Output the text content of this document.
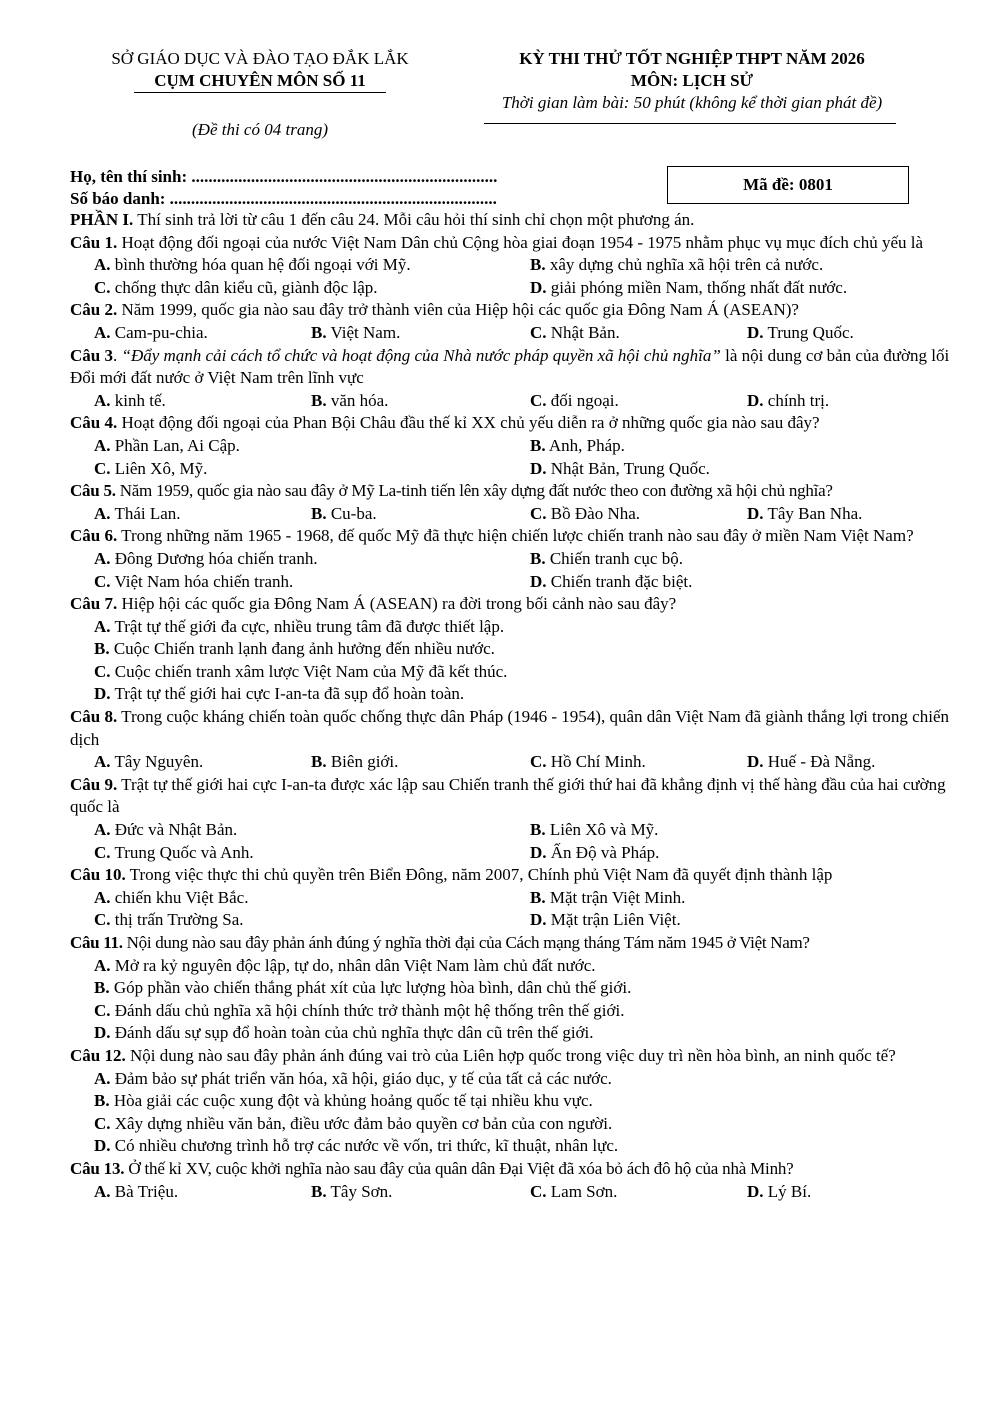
SỞ GIÁO DỤC VÀ ĐÀO TẠO ĐẮK LẮK
CỤM CHUYÊN MÔN SỐ 11
(Đề thi có 04 trang)
KỲ THI THỬ TỐT NGHIỆP THPT NĂM 2026
MÔN: LỊCH SỬ
Thời gian làm bài: 50 phút (không kể thời gian phát đề)
Họ, tên thí sinh: ........................................................................
Số báo danh: .............................................................................
Mã đề: 0801
PHẦN I. Thí sinh trả lời từ câu 1 đến câu 24. Mỗi câu hỏi thí sinh chỉ chọn một phương án.
Câu 1. Hoạt động đối ngoại của nước Việt Nam Dân chủ Cộng hòa giai đoạn 1954 - 1975 nhằm phục vụ mục đích chủ yếu là
A. bình thường hóa quan hệ đối ngoại với Mỹ.	B. xây dựng chủ nghĩa xã hội trên cả nước.
C. chống thực dân kiểu cũ, giành độc lập.	D. giải phóng miền Nam, thống nhất đất nước.
Câu 2. Năm 1999, quốc gia nào sau đây trở thành viên của Hiệp hội các quốc gia Đông Nam Á (ASEAN)?
A. Cam-pu-chia.	B. Việt Nam.	C. Nhật Bản.	D. Trung Quốc.
Câu 3. “Đẩy mạnh cải cách tổ chức và hoạt động của Nhà nước pháp quyền xã hội chủ nghĩa” là nội dung cơ bản của đường lối Đổi mới đất nước ở Việt Nam trên lĩnh vực
A. kinh tế.	B. văn hóa.	C. đối ngoại.	D. chính trị.
Câu 4. Hoạt động đối ngoại của Phan Bội Châu đầu thế kỉ XX chủ yếu diễn ra ở những quốc gia nào sau đây?
A. Phần Lan, Ai Cập.	B. Anh, Pháp.
C. Liên Xô, Mỹ.	D. Nhật Bản, Trung Quốc.
Câu 5. Năm 1959, quốc gia nào sau đây ở Mỹ La-tinh tiến lên xây dựng đất nước theo con đường xã hội chủ nghĩa?
A. Thái Lan.	B. Cu-ba.	C. Bồ Đào Nha.	D. Tây Ban Nha.
Câu 6. Trong những năm 1965 - 1968, đế quốc Mỹ đã thực hiện chiến lược chiến tranh nào sau đây ở miền Nam Việt Nam?
A. Đông Dương hóa chiến tranh.	B. Chiến tranh cục bộ.
C. Việt Nam hóa chiến tranh.	D. Chiến tranh đặc biệt.
Câu 7. Hiệp hội các quốc gia Đông Nam Á (ASEAN) ra đời trong bối cảnh nào sau đây?
A. Trật tự thế giới đa cực, nhiều trung tâm đã được thiết lập.
B. Cuộc Chiến tranh lạnh đang ảnh hưởng đến nhiều nước.
C. Cuộc chiến tranh xâm lược Việt Nam của Mỹ đã kết thúc.
D. Trật tự thế giới hai cực I-an-ta đã sụp đổ hoàn toàn.
Câu 8. Trong cuộc kháng chiến toàn quốc chống thực dân Pháp (1946 - 1954), quân dân Việt Nam đã giành thắng lợi trong chiến dịch
A. Tây Nguyên.	B. Biên giới.	C. Hồ Chí Minh.	D. Huế - Đà Nẵng.
Câu 9. Trật tự thế giới hai cực I-an-ta được xác lập sau Chiến tranh thế giới thứ hai đã khẳng định vị thế hàng đầu của hai cường quốc là
A. Đức và Nhật Bản.	B. Liên Xô và Mỹ.
C. Trung Quốc và Anh.	D. Ấn Độ và Pháp.
Câu 10. Trong việc thực thi chủ quyền trên Biển Đông, năm 2007, Chính phủ Việt Nam đã quyết định thành lập
A. chiến khu Việt Bắc.	B. Mặt trận Việt Minh.
C. thị trấn Trường Sa.	D. Mặt trận Liên Việt.
Câu 11. Nội dung nào sau đây phản ánh đúng ý nghĩa thời đại của Cách mạng tháng Tám năm 1945 ở Việt Nam?
A. Mở ra kỷ nguyên độc lập, tự do, nhân dân Việt Nam làm chủ đất nước.
B. Góp phần vào chiến thắng phát xít của lực lượng hòa bình, dân chủ thế giới.
C. Đánh dấu chủ nghĩa xã hội chính thức trở thành một hệ thống trên thế giới.
D. Đánh dấu sự sụp đổ hoàn toàn của chủ nghĩa thực dân cũ trên thế giới.
Câu 12. Nội dung nào sau đây phản ánh đúng vai trò của Liên hợp quốc trong việc duy trì nền hòa bình, an ninh quốc tế?
A. Đảm bảo sự phát triển văn hóa, xã hội, giáo dục, y tế của tất cả các nước.
B. Hòa giải các cuộc xung đột và khủng hoảng quốc tế tại nhiều khu vực.
C. Xây dựng nhiều văn bản, điều ước đảm bảo quyền cơ bản của con người.
D. Có nhiều chương trình hỗ trợ các nước về vốn, tri thức, kĩ thuật, nhân lực.
Câu 13. Ở thế kỉ XV, cuộc khởi nghĩa nào sau đây của quân dân Đại Việt đã xóa bỏ ách đô hộ của nhà Minh?
A. Bà Triệu.	B. Tây Sơn.	C. Lam Sơn.	D. Lý Bí.
